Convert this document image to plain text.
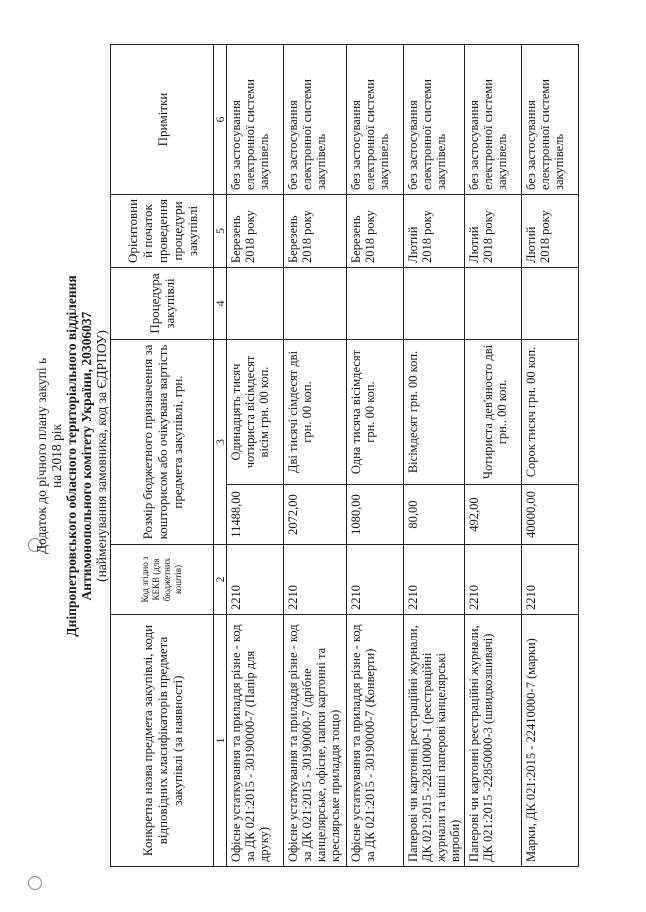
Додаток до річного плану закупі ь на 2018 рік Дніпропетровського обласного територіального відділення Антимонопольного комітету України, 20306037 (найменування замовника, код за ЄДРПОУ)
Конкретна назва предмета закупівлі, коди відповідних класифікаторів предмета закупівлі (за наявності)	Код згідно з КЕКВ (для бюджетних коштів)	Розмір бюджетного призначення за кошторисом або очікувана вартість предмета закупівлі, грн.		Процедура закупівлі	Орієнтовни й початок проведення процедури закупівлі	Примітки
1	2	3		4	5	6
Офісне устаткування та приладдя різне - код за ДК 021:2015 - 30190000-7 (Папір для друку)	2210	11488,00	Одинадцять тисяч чотириста вісімдесят вісім грн. 00 коп.		Березень 2018 року	без застосування електронної системи закупівель
Офісне устаткування та приладдя різне - код за ДК 021:2015 - 30190000-7 (дрібне канцелярське, офісне, папки картонні та креслярське приладдя тощо)	2210	2072,00	Дві тисячі сімдесят дві грн. 00 коп.		Березень 2018 року	без застосування електронної системи закупівель
Офісне устаткування та приладдя різне - код за ДК 021:2015 - 30190000-7 (Конверти)	2210	1080,00	Одна тисяча вісімдесят грн. 00 коп.		Березень 2018 року	без застосування електронної системи закупівель
Паперові чи картонні реєстраційні журнали, ДК 021:2015 -22810000-1 (реєстраційні журнали та інші паперові канцелярські вироби)	2210	80,00	Вісімдесят грн. 00 коп.		Лютий 2018 року	без застосування електронної системи закупівель
Паперові чи картонні реєстраційні журнали, ДК 021:2015 -22850000-3 (швидкозшивачі)	2210	492,00	Чотириста дев'яносто дві грн.. 00 коп.		Лютий 2018 року	без застосування електронної системи закупівель
Марки, ДК 021:2015 - 22410000-7 (марки)	2210	40000,00	Сорок тисяч грн. 00 коп.		Лютий 2018 року	без застосування електронної системи закупівель
